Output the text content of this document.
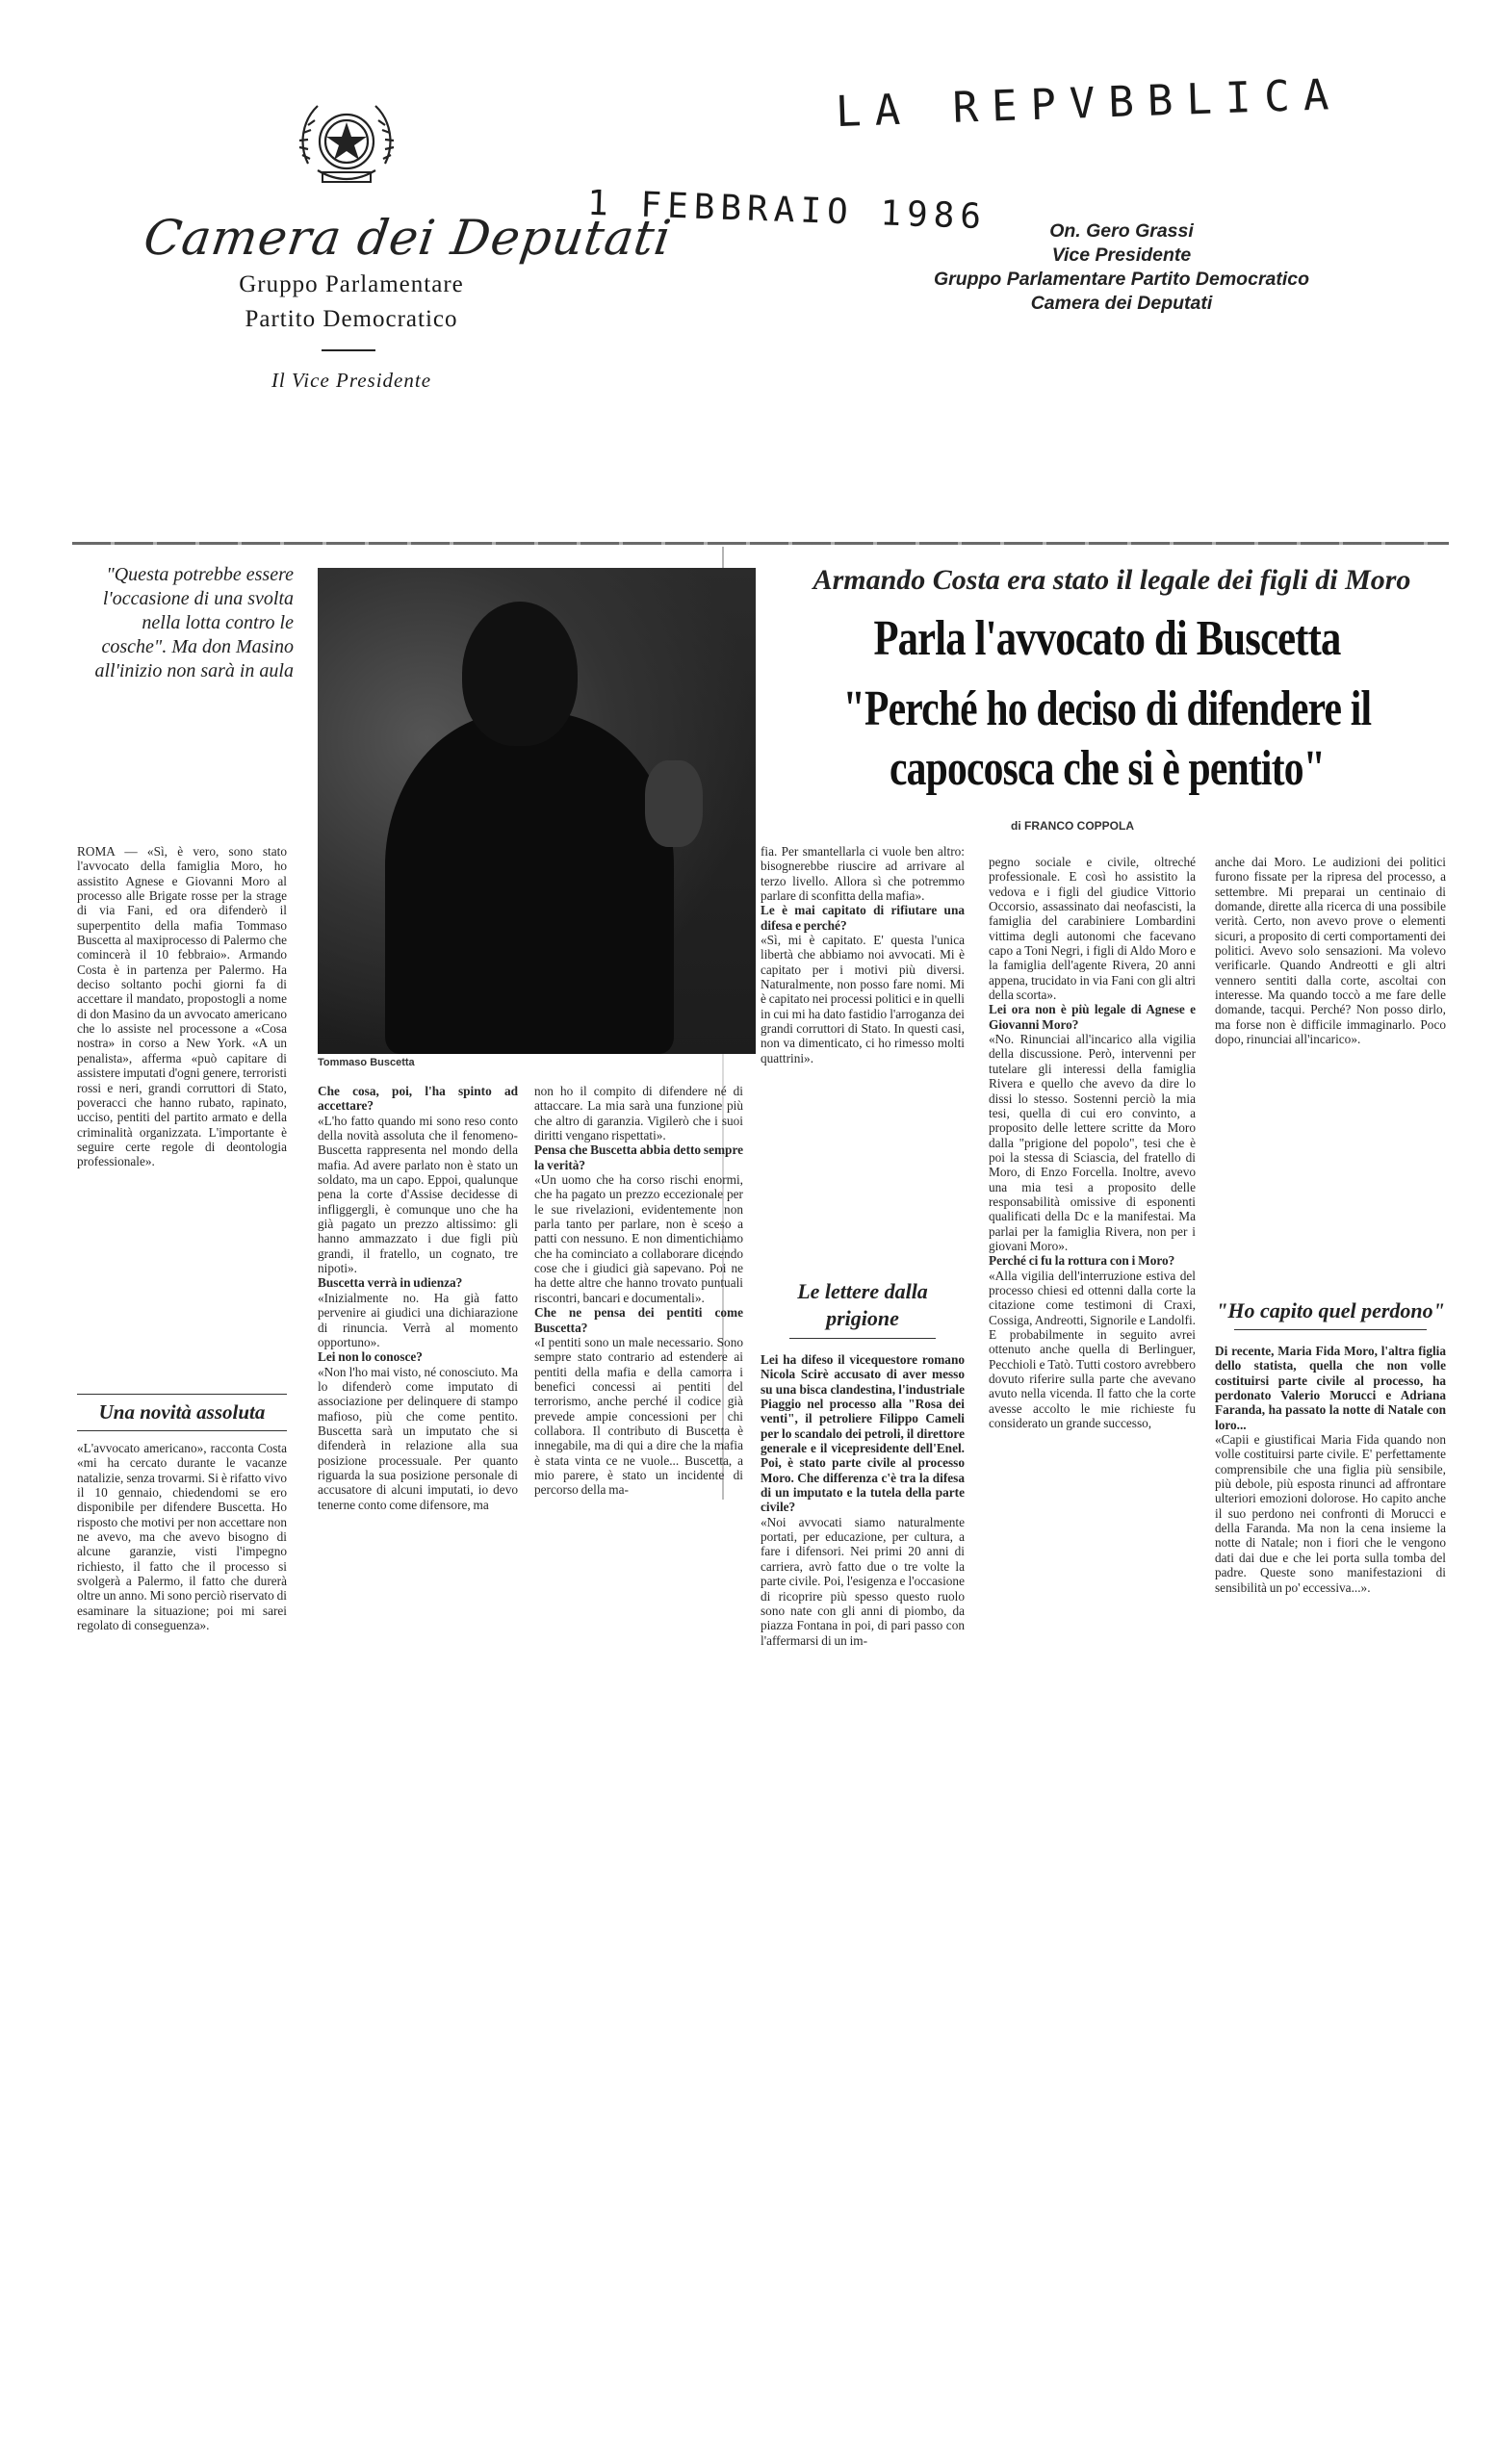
Camera dei Deputati
Gruppo Parlamentare
Partito Democratico
Il Vice Presidente
LA REPVBBLICA
1 FEBBRAIO 1986	On. Gero Grassi
Vice Presidente
Gruppo Parlamentare Partito Democratico
Camera dei Deputati
"Questa potrebbe essere l'occasione di una svolta nella lotta contro le cosche". Ma don Masino all'inizio non sarà in aula
Tommaso Buscetta
Armando Costa era stato il legale dei figli di Moro
Parla l'avvocato di Buscetta
"Perché ho deciso di difendere il capocosca che si è pentito"
di FRANCO COPPOLA
ROMA — «Sì, è vero, sono stato l'avvocato della famiglia Moro, ho assistito Agnese e Giovanni Moro al processo alle Brigate rosse per la strage di via Fani, ed ora difenderò il superpentito della mafia Tommaso Buscetta al maxiprocesso di Palermo che comincerà il 10 febbraio». Armando Costa è in partenza per Palermo. Ha deciso soltanto pochi giorni fa di accettare il mandato, propostogli a nome di don Masino da un avvocato americano che lo assiste nel processone a «Cosa nostra» in corso a New York. «A un penalista», afferma «può capitare di assistere imputati d'ogni genere, terroristi rossi e neri, grandi corruttori di Stato, poveracci che hanno rubato, rapinato, ucciso, pentiti del partito armato e della criminalità organizzata. L'importante è seguire certe regole di deontologia professionale».
Una novità assoluta
«L'avvocato americano», racconta Costa «mi ha cercato durante le vacanze natalizie, senza trovarmi. Si è rifatto vivo il 10 gennaio, chiedendomi se ero disponibile per difendere Buscetta. Ho risposto che motivi per non accettare non ne avevo, ma che avevo bisogno di alcune garanzie, visti l'impegno richiesto, il fatto che il processo si svolgerà a Palermo, il fatto che durerà oltre un anno. Mi sono perciò riservato di esaminare la situazione; poi mi sarei regolato di conseguenza».
Che cosa, poi, l'ha spinto ad accettare?
«L'ho fatto quando mi sono reso conto della novità assoluta che il fenomeno-Buscetta rappresenta nel mondo della mafia. Ad avere parlato non è stato un soldato, ma un capo. Eppoi, qualunque pena la corte d'Assise decidesse di infliggergli, è comunque uno che ha già pagato un prezzo altissimo: gli hanno ammazzato i due figli più grandi, il fratello, un cognato, tre nipoti».
Buscetta verrà in udienza?
«Inizialmente no. Ha già fatto pervenire ai giudici una dichiarazione di rinuncia. Verrà al momento opportuno».
Lei non lo conosce?
«Non l'ho mai visto, né conosciuto. Ma lo difenderò come imputato di associazione per delinquere di stampo mafioso, più che come pentito. Buscetta sarà un imputato che si difenderà in relazione alla sua posizione processuale. Per quanto riguarda la sua posizione personale di accusatore di alcuni imputati, io devo tenerne conto come difensore, ma
non ho il compito di difendere né di attaccare. La mia sarà una funzione più che altro di garanzia. Vigilerò che i suoi diritti vengano rispettati».
Pensa che Buscetta abbia detto sempre la verità?
«Un uomo che ha corso rischi enormi, che ha pagato un prezzo eccezionale per le sue rivelazioni, evidentemente non parla tanto per parlare, non è sceso a patti con nessuno. E non dimentichiamo che ha cominciato a collaborare dicendo cose che i giudici già sapevano. Poi ne ha dette altre che hanno trovato puntuali riscontri, bancari e documentali».
Che ne pensa dei pentiti come Buscetta?
«I pentiti sono un male necessario. Sono sempre stato contrario ad estendere ai pentiti della mafia e della camorra i benefici concessi ai pentiti del terrorismo, anche perché il codice già prevede ampie concessioni per chi collabora. Il contributo di Buscetta è innegabile, ma di qui a dire che la mafia è stata vinta ce ne vuole... Buscetta, a mio parere, è stato un incidente di percorso della ma-
fia. Per smantellarla ci vuole ben altro: bisognerebbe riuscire ad arrivare al terzo livello. Allora sì che potremmo parlare di sconfitta della mafia».
Le è mai capitato di rifiutare una difesa e perché?
«Sì, mi è capitato. E' questa l'unica libertà che abbiamo noi avvocati. Mi è capitato per i motivi più diversi. Naturalmente, non posso fare nomi. Mi è capitato nei processi politici e in quelli in cui mi ha dato fastidio l'arroganza dei grandi corruttori di Stato. In questi casi, non va dimenticato, ci ho rimesso molti quattrini».
Le lettere dalla prigione
Lei ha difeso il vicequestore romano Nicola Scirè accusato di aver messo su una bisca clandestina, l'industriale Piaggio nel processo alla "Rosa dei venti", il petroliere Filippo Cameli per lo scandalo dei petroli, il direttore generale e il vicepresidente dell'Enel. Poi, è stato parte civile al processo Moro. Che differenza c'è tra la difesa di un imputato e la tutela della parte civile?
«Noi avvocati siamo naturalmente portati, per educazione, per cultura, a fare i difensori. Nei primi 20 anni di carriera, avrò fatto due o tre volte la parte civile. Poi, l'esigenza e l'occasione di ricoprire più spesso questo ruolo sono nate con gli anni di piombo, da piazza Fontana in poi, di pari passo con l'affermarsi di un im-
pegno sociale e civile, oltreché professionale. E così ho assistito la vedova e i figli del giudice Vittorio Occorsio, assassinato dai neofascisti, la famiglia del carabiniere Lombardini vittima degli autonomi che facevano capo a Toni Negri, i figli di Aldo Moro e la famiglia dell'agente Rivera, 20 anni appena, trucidato in via Fani con gli altri della scorta».
Lei ora non è più legale di Agnese e Giovanni Moro?
«No. Rinunciai all'incarico alla vigilia della discussione. Però, intervenni per tutelare gli interessi della famiglia Rivera e quello che avevo da dire lo dissi lo stesso. Sostenni perciò la mia tesi, quella di cui ero convinto, a proposito delle lettere scritte da Moro dalla "prigione del popolo", tesi che è poi la stessa di Sciascia, del fratello di Moro, di Enzo Forcella. Inoltre, avevo una mia tesi a proposito delle responsabilità omissive di esponenti qualificati della Dc e la manifestai. Ma parlai per la famiglia Rivera, non per i giovani Moro».
Perché ci fu la rottura con i Moro?
«Alla vigilia dell'interruzione estiva del processo chiesi ed ottenni dalla corte la citazione come testimoni di Craxi, Cossiga, Andreotti, Signorile e Landolfi. E probabilmente in seguito avrei ottenuto anche quella di Berlinguer, Pecchioli e Tatò. Tutti costoro avrebbero dovuto riferire sulla parte che avevano avuto nella vicenda. Il fatto che la corte avesse accolto le mie richieste fu considerato un grande successo,
anche dai Moro. Le audizioni dei politici furono fissate per la ripresa del processo, a settembre. Mi preparai un centinaio di domande, dirette alla ricerca di una possibile verità. Certo, non avevo prove o elementi sicuri, a proposito di certi comportamenti dei politici. Avevo solo sensazioni. Ma volevo verificarle. Quando Andreotti e gli altri vennero sentiti dalla corte, ascoltai con interesse. Ma quando toccò a me fare delle domande, tacqui. Perché? Non posso dirlo, ma forse non è difficile immaginarlo. Poco dopo, rinunciai all'incarico».
"Ho capito quel perdono"
Di recente, Maria Fida Moro, l'altra figlia dello statista, quella che non volle costituirsi parte civile al processo, ha perdonato Valerio Morucci e Adriana Faranda, ha passato la notte di Natale con loro...
«Capii e giustificai Maria Fida quando non volle costituirsi parte civile. E' perfettamente comprensibile che una figlia più sensibile, più debole, più esposta rinunci ad affrontare ulteriori emozioni dolorose. Ho capito anche il suo perdono nei confronti di Morucci e della Faranda. Ma non la cena insieme la notte di Natale; non i fiori che le vengono dati dai due e che lei porta sulla tomba del padre. Queste sono manifestazioni di sensibilità un po' eccessiva...».
